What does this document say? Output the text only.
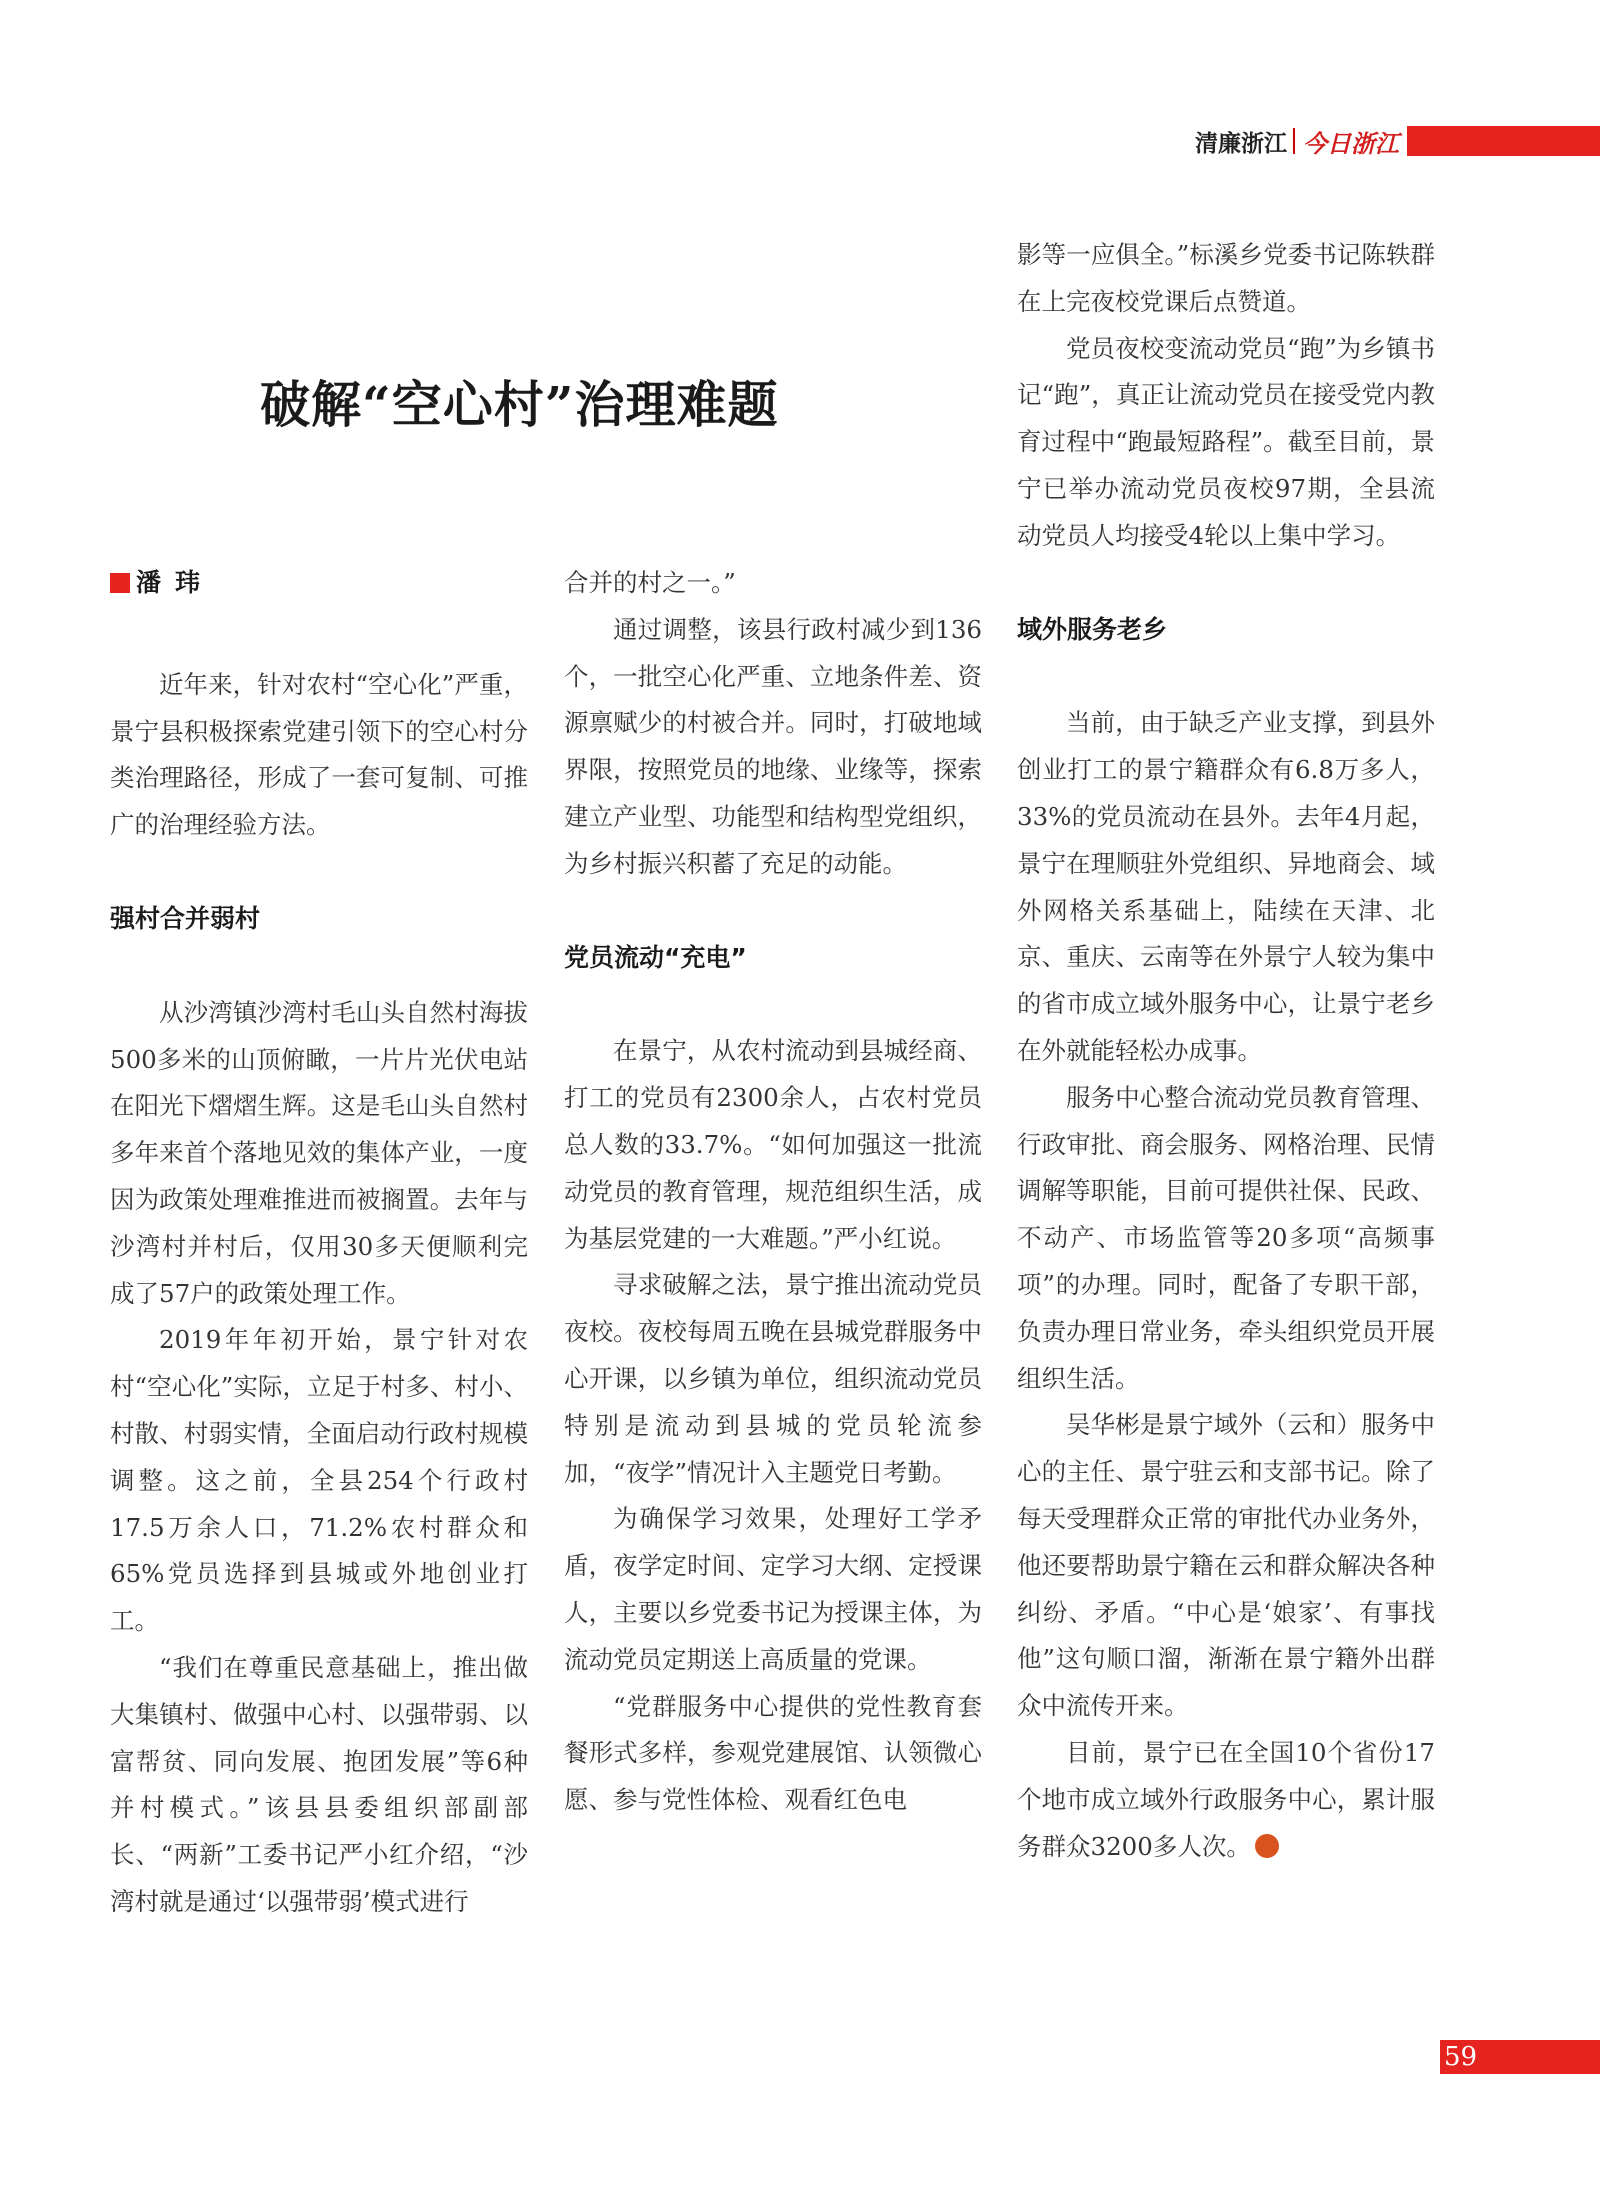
清廉浙江 今日浙江
破解“空心村”治理难题
潘玮

近年来，针对农村“空心化”严重，景宁县积极探索党建引领下的空心村分类治理路径，形成了一套可复制、可推广的治理经验方法。

强村合并弱村

从沙湾镇沙湾村毛山头自然村海拔500多米的山顶俯瞰，一片片光伏电站在阳光下熠熠生辉。这是毛山头自然村多年来首个落地见效的集体产业，一度因为政策处理难推进而被搁置。去年与沙湾村并村后，仅用30多天便顺利完成了57户的政策处理工作。

2019年年初开始，景宁针对农村“空心化”实际，立足于村多、村小、村散、村弱实情，全面启动行政村规模调整。这之前，全县254个行政村17.5万余人口，71.2%农村群众和65%党员选择到县城或外地创业打工。

“我们在尊重民意基础上，推出做大集镇村、做强中心村、以强带弱、以富帮贫、同向发展、抱团发展”等6种并村模式。”该县县委组织部副部长、“两新”工委书记严小红介绍，“沙湾村就是通过‘以强带弱’模式进行

合并的村之一。”

通过调整，该县行政村减少到136个，一批空心化严重、立地条件差、资源禀赋少的村被合并。同时，打破地域界限，按照党员的地缘、业缘等，探索建立产业型、功能型和结构型党组织，为乡村振兴积蓄了充足的动能。

党员流动“充电”

在景宁，从农村流动到县城经商、打工的党员有2300余人，占农村党员总人数的33.7%。“如何加强这一批流动党员的教育管理，规范组织生活，成为基层党建的一大难题。”严小红说。

寻求破解之法，景宁推出流动党员夜校。夜校每周五晚在县城党群服务中心开课，以乡镇为单位，组织流动党员特别是流动到县城的党员轮流参加，“夜学”情况计入主题党日考勤。

为确保学习效果，处理好工学矛盾，夜学定时间、定学习大纲、定授课人，主要以乡党委书记为授课主体，为流动党员定期送上高质量的党课。

“党群服务中心提供的党性教育套餐形式多样，参观党建展馆、认领微心愿、参与党性体检、观看红色电

影等一应俱全。”标溪乡党委书记陈轶群在上完夜校党课后点赞道。

党员夜校变流动党员“跑”为乡镇书记“跑”，真正让流动党员在接受党内教育过程中“跑最短路程”。截至目前，景宁已举办流动党员夜校97期，全县流动党员人均接受4轮以上集中学习。

域外服务老乡

当前，由于缺乏产业支撑，到县外创业打工的景宁籍群众有6.8万多人，33%的党员流动在县外。去年4月起，景宁在理顺驻外党组织、异地商会、域外网格关系基础上，陆续在天津、北京、重庆、云南等在外景宁人较为集中的省市成立域外服务中心，让景宁老乡在外就能轻松办成事。

服务中心整合流动党员教育管理、行政审批、商会服务、网格治理、民情调解等职能，目前可提供社保、民政、不动产、市场监管等20多项“高频事项”的办理。同时，配备了专职干部，负责办理日常业务，牵头组织党员开展组织生活。

吴华彬是景宁域外（云和）服务中心的主任、景宁驻云和支部书记。除了每天受理群众正常的审批代办业务外，他还要帮助景宁籍在云和群众解决各种纠纷、矛盾。“中心是‘娘家’、有事找他”这句顺口溜，渐渐在景宁籍外出群众中流传开来。

目前，景宁已在全国10个省份17个地市成立域外行政服务中心，累计服务群众3200多人次。

59
